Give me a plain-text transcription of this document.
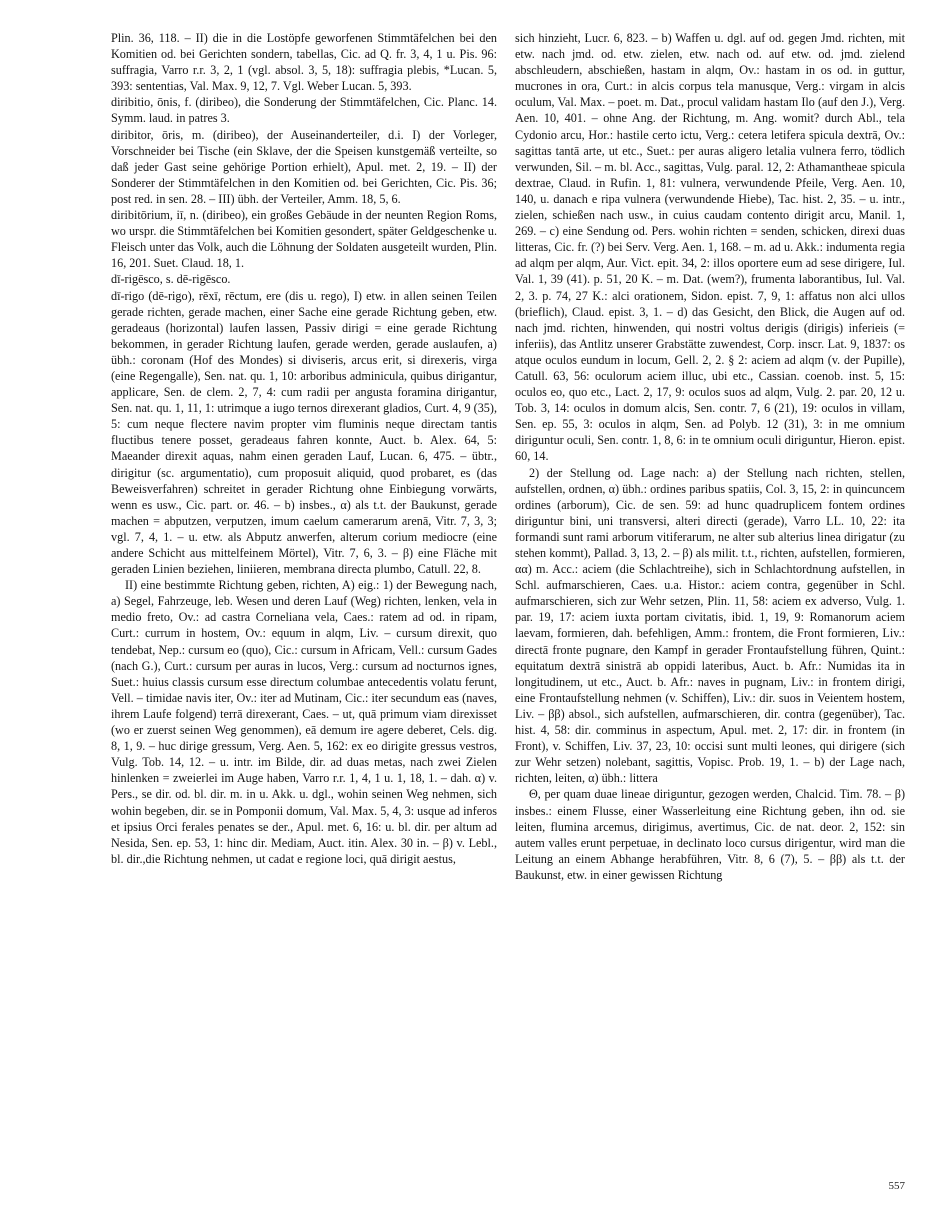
Plin. 36, 118. – II) die in die Lostöpfe geworfenen Stimmtäfelchen bei den Komitien od. bei Gerichten sondern, tabellas, Cic. ad Q. fr. 3, 4, 1 u. Pis. 96: suffragia, Varro r.r. 3, 2, 1 (vgl. absol. 3, 5, 18): suffragia plebis, *Lucan. 5, 393: sententias, Val. Max. 9, 12, 7. Vgl. Weber Lucan. 5, 393.

diribitio, ōnis, f. (diribeo), die Sonderung der Stimmtäfelchen, Cic. Planc. 14. Symm. laud. in patres 3.

diribitor, ōris, m. (diribeo), der Auseinanderteiler, d.i. I) der Vorleger, Vorschneider bei Tische (ein Sklave, der die Speisen kunstgemäß verteilte, so daß jeder Gast seine gehörige Portion erhielt), Apul. met. 2, 19. – II) der Sonderer der Stimmtäfelchen in den Komitien od. bei Gerichten, Cic. Pis. 36; post red. in sen. 28. – III) übh. der Verteiler, Amm. 18, 5, 6.

diribitōrium, iī, n. (diribeo), ein großes Gebäude in der neunten Region Roms, wo urspr. die Stimmtäfelchen bei Komitien gesondert, später Geldgeschenke u. Fleisch unter das Volk, auch die Löhnung der Soldaten ausgeteilt wurden, Plin. 16, 201. Suet. Claud. 18, 1.

dī-rigēsco, s. dē-rigēsco.

dī-rigo (dē-rigo), rēxī, rēctum, ere (dis u. rego), I) etw. in allen seinen Teilen gerade richten, gerade machen, einer Sache eine gerade Richtung geben, etw. geradeaus (horizontal) laufen lassen, Passiv dirigi = eine gerade Richtung bekommen, in gerader Richtung laufen, gerade werden, gerade auslaufen, a) übh.: coronam (Hof des Mondes) si diviseris, arcus erit, si direxeris, virga (eine Regengalle), Sen. nat. qu. 1, 10: arboribus adminicula, quibus dirigantur, applicare, Sen. de clem. 2, 7, 4: cum radii per angusta foramina dirigantur, Sen. nat. qu. 1, 11, 1: utrimque a iugo ternos direxerant gladios, Curt. 4, 9 (35), 5: cum neque flectere navim propter vim fluminis neque directam tantis fluctibus tenere posset, geradeaus fahren konnte, Auct. b. Alex. 64, 5: Maeander direxit aquas, nahm einen geraden Lauf, Lucan. 6, 475. – übtr., dirigitur (sc. argumentatio), cum proposuit aliquid, quod probaret, es (das Beweisverfahren) schreitet in gerader Richtung ohne Einbiegung vorwärts, wenn es usw., Cic. part. or. 46. – b) insbes., α) als t.t. der Baukunst, gerade machen = abputzen, verputzen, imum caelum camerarum arenā, Vitr. 7, 3, 3; vgl. 7, 4, 1. – u. etw. als Abputz anwerfen, alterum corium mediocre (eine andere Schicht aus mittelfeinem Mörtel), Vitr. 7, 6, 3. – β) eine Fläche mit geraden Linien beziehen, liniieren, membrana directa plumbo, Catull. 22, 8.

II) eine bestimmte Richtung geben, richten, A) eig.: 1) der Bewegung nach, a) Segel, Fahrzeuge, leb. Wesen und deren Lauf (Weg) richten, lenken, vela in medio freto, Ov.: ad castra Corneliana vela, Caes.: ratem ad od. in ripam, Curt.: currum in hostem, Ov.: equum in alqm, Liv. – cursum direxit, quo tendebat, Nep.: cursum eo (quo), Cic.: cursum in Africam, Vell.: cursum Gades (nach G.), Curt.: cursum per auras in lucos, Verg.: cursum ad nocturnos ignes, Suet.: huius classis cursum esse directum columbae antecedentis volatu ferunt, Vell. – timidae navis iter, Ov.: iter ad Mutinam, Cic.: iter secundum eas (naves, ihrem Laufe folgend) terrā direxerant, Caes. – ut, quā primum viam direxisset (wo er zuerst seinen Weg genommen), eā demum ire agere deberet, Cels. dig. 8, 1, 9. – huc dirige gressum, Verg. Aen. 5, 162: ex eo dirigite gressus vestros, Vulg. Tob. 14, 12. – u. intr. im Bilde, dir. ad duas metas, nach zwei Zielen hinlenken = zweierlei im Auge haben, Varro r.r. 1, 4, 1 u. 1, 18, 1. – dah. α) v. Pers., se dir. od. bl. dir. m. in u. Akk. u. dgl., wohin seinen Weg nehmen, sich wohin begeben, dir. se in Pomponii domum, Val. Max. 5, 4, 3: usque ad inferos et ipsius Orci ferales penates se der., Apul. met. 6, 16: u. bl. dir. per altum ad Nesida, Sen. ep. 53, 1: hinc dir. Mediam, Auct. itin. Alex. 30 in. – β) v. Lebl., bl. dir.,die Richtung nehmen, ut cadat e regione loci, quā dirigit aestus,

sich hinzieht, Lucr. 6, 823. – b) Waffen u. dgl. auf od. gegen Jmd. richten, mit etw. nach jmd. od. etw. zielen, etw. nach od. auf etw. od. jmd. zielend abschleudern, abschießen, hastam in alqm, Ov.: hastam in os od. in guttur, mucrones in ora, Curt.: in alcis corpus tela manusque, Verg.: virgam in alcis oculum, Val. Max. – poet. m. Dat., procul validam hastam Ilo (auf den J.), Verg. Aen. 10, 401. – ohne Ang. der Richtung, m. Ang. womit? durch Abl., tela Cydonio arcu, Hor.: hastile certo ictu, Verg.: cetera letifera spicula dextrā, Ov.: sagittas tantā arte, ut etc., Suet.: per auras aligero letalia vulnera ferro, tödlich verwunden, Sil. – m. bl. Acc., sagittas, Vulg. paral. 12, 2: Athamantheae spicula dextrae, Claud. in Rufin. 1, 81: vulnera, verwundende Pfeile, Verg. Aen. 10, 140, u. danach e ripa vulnera (verwundende Hiebe), Tac. hist. 2, 35. – u. intr., zielen, schießen nach usw., in cuius caudam contento dirigit arcu, Manil. 1, 269. – c) eine Sendung od. Pers. wohin richten = senden, schicken, direxi duas litteras, Cic. fr. (?) bei Serv. Verg. Aen. 1, 168. – m. ad u. Akk.: indumenta regia ad alqm per alqm, Aur. Vict. epit. 34, 2: illos oportere eum ad sese dirigere, Iul. Val. 1, 39 (41). p. 51, 20 K. – m. Dat. (wem?), frumenta laborantibus, Iul. Val. 2, 3. p. 74, 27 K.: alci orationem, Sidon. epist. 7, 9, 1: affatus non alci ullos (brieflich), Claud. epist. 3, 1. – d) das Gesicht, den Blick, die Augen auf od. nach jmd. richten, hinwenden, qui nostri voltus derigis (dirigis) inferieis (= inferiis), das Antlitz unserer Grabstätte zuwendest, Corp. inscr. Lat. 9, 1837: os atque oculos eundum in locum, Gell. 2, 2. § 2: aciem ad alqm (v. der Pupille), Catull. 63, 56: oculorum aciem illuc, ubi etc., Cassian. coenob. inst. 5, 15: oculos eo, quo etc., Lact. 2, 17, 9: oculos suos ad alqm, Vulg. 2. par. 20, 12 u. Tob. 3, 14: oculos in domum alcis, Sen. contr. 7, 6 (21), 19: oculos in villam, Sen. ep. 55, 3: oculos in alqm, Sen. ad Polyb. 12 (31), 3: in me omnium diriguntur oculi, Sen. contr. 1, 8, 6: in te omnium oculi diriguntur, Hieron. epist. 60, 14.

2) der Stellung od. Lage nach: a) der Stellung nach richten, stellen, aufstellen, ordnen, α) übh.: ordines paribus spatiis, Col. 3, 15, 2: in quincuncem ordines (arborum), Cic. de sen. 59: ad hunc quadruplicem fontem ordines diriguntur bini, uni transversi, alteri directi (gerade), Varro LL. 10, 22: ita formandi sunt rami arborum vitiferarum, ne alter sub alterius linea dirigatur (zu stehen kommt), Pallad. 3, 13, 2. – β) als milit. t.t., richten, aufstellen, formieren, αα) m. Acc.: aciem (die Schlachtreihe), sich in Schlachtordnung aufstellen, in Schl. aufmarschieren, Caes. u.a. Histor.: aciem contra, gegenüber in Schl. aufmarschieren, sich zur Wehr setzen, Plin. 11, 58: aciem ex adverso, Vulg. 1. par. 19, 17: aciem iuxta portam civitatis, ibid. 1, 19, 9: Romanorum aciem laevam, formieren, dah. befehligen, Amm.: frontem, die Front formieren, Liv.: directā fronte pugnare, den Kampf in gerader Frontaufstellung führen, Quint.: equitatum dextrā sinistrā ab oppidi lateribus, Auct. b. Afr.: Numidas ita in longitudinem, ut etc., Auct. b. Afr.: naves in pugnam, Liv.: in frontem dirigi, eine Frontaufstellung nehmen (v. Schiffen), Liv.: dir. suos in Veientem hostem, Liv. – ββ) absol., sich aufstellen, aufmarschieren, dir. contra (gegenüber), Tac. hist. 4, 58: dir. comminus in aspectum, Apul. met. 2, 17: dir. in frontem (in Front), v. Schiffen, Liv. 37, 23, 10: occisi sunt multi leones, qui dirigere (sich zur Wehr setzen) nolebant, sagittis, Vopisc. Prob. 19, 1. – b) der Lage nach, richten, leiten, α) übh.: littera

Θ, per quam duae lineae diriguntur, gezogen werden, Chalcid. Tim. 78. – β) insbes.: einem Flusse, einer Wasserleitung eine Richtung geben, ihn od. sie leiten, flumina arcemus, dirigimus, avertimus, Cic. de nat. deor. 2, 152: sin autem valles erunt perpetuae, in declinato loco cursus dirigentur, wird man die Leitung an einem Abhange herabführen, Vitr. 8, 6 (7), 5. – ββ) als t.t. der Baukunst, etw. in einer gewissen Richtung

557
